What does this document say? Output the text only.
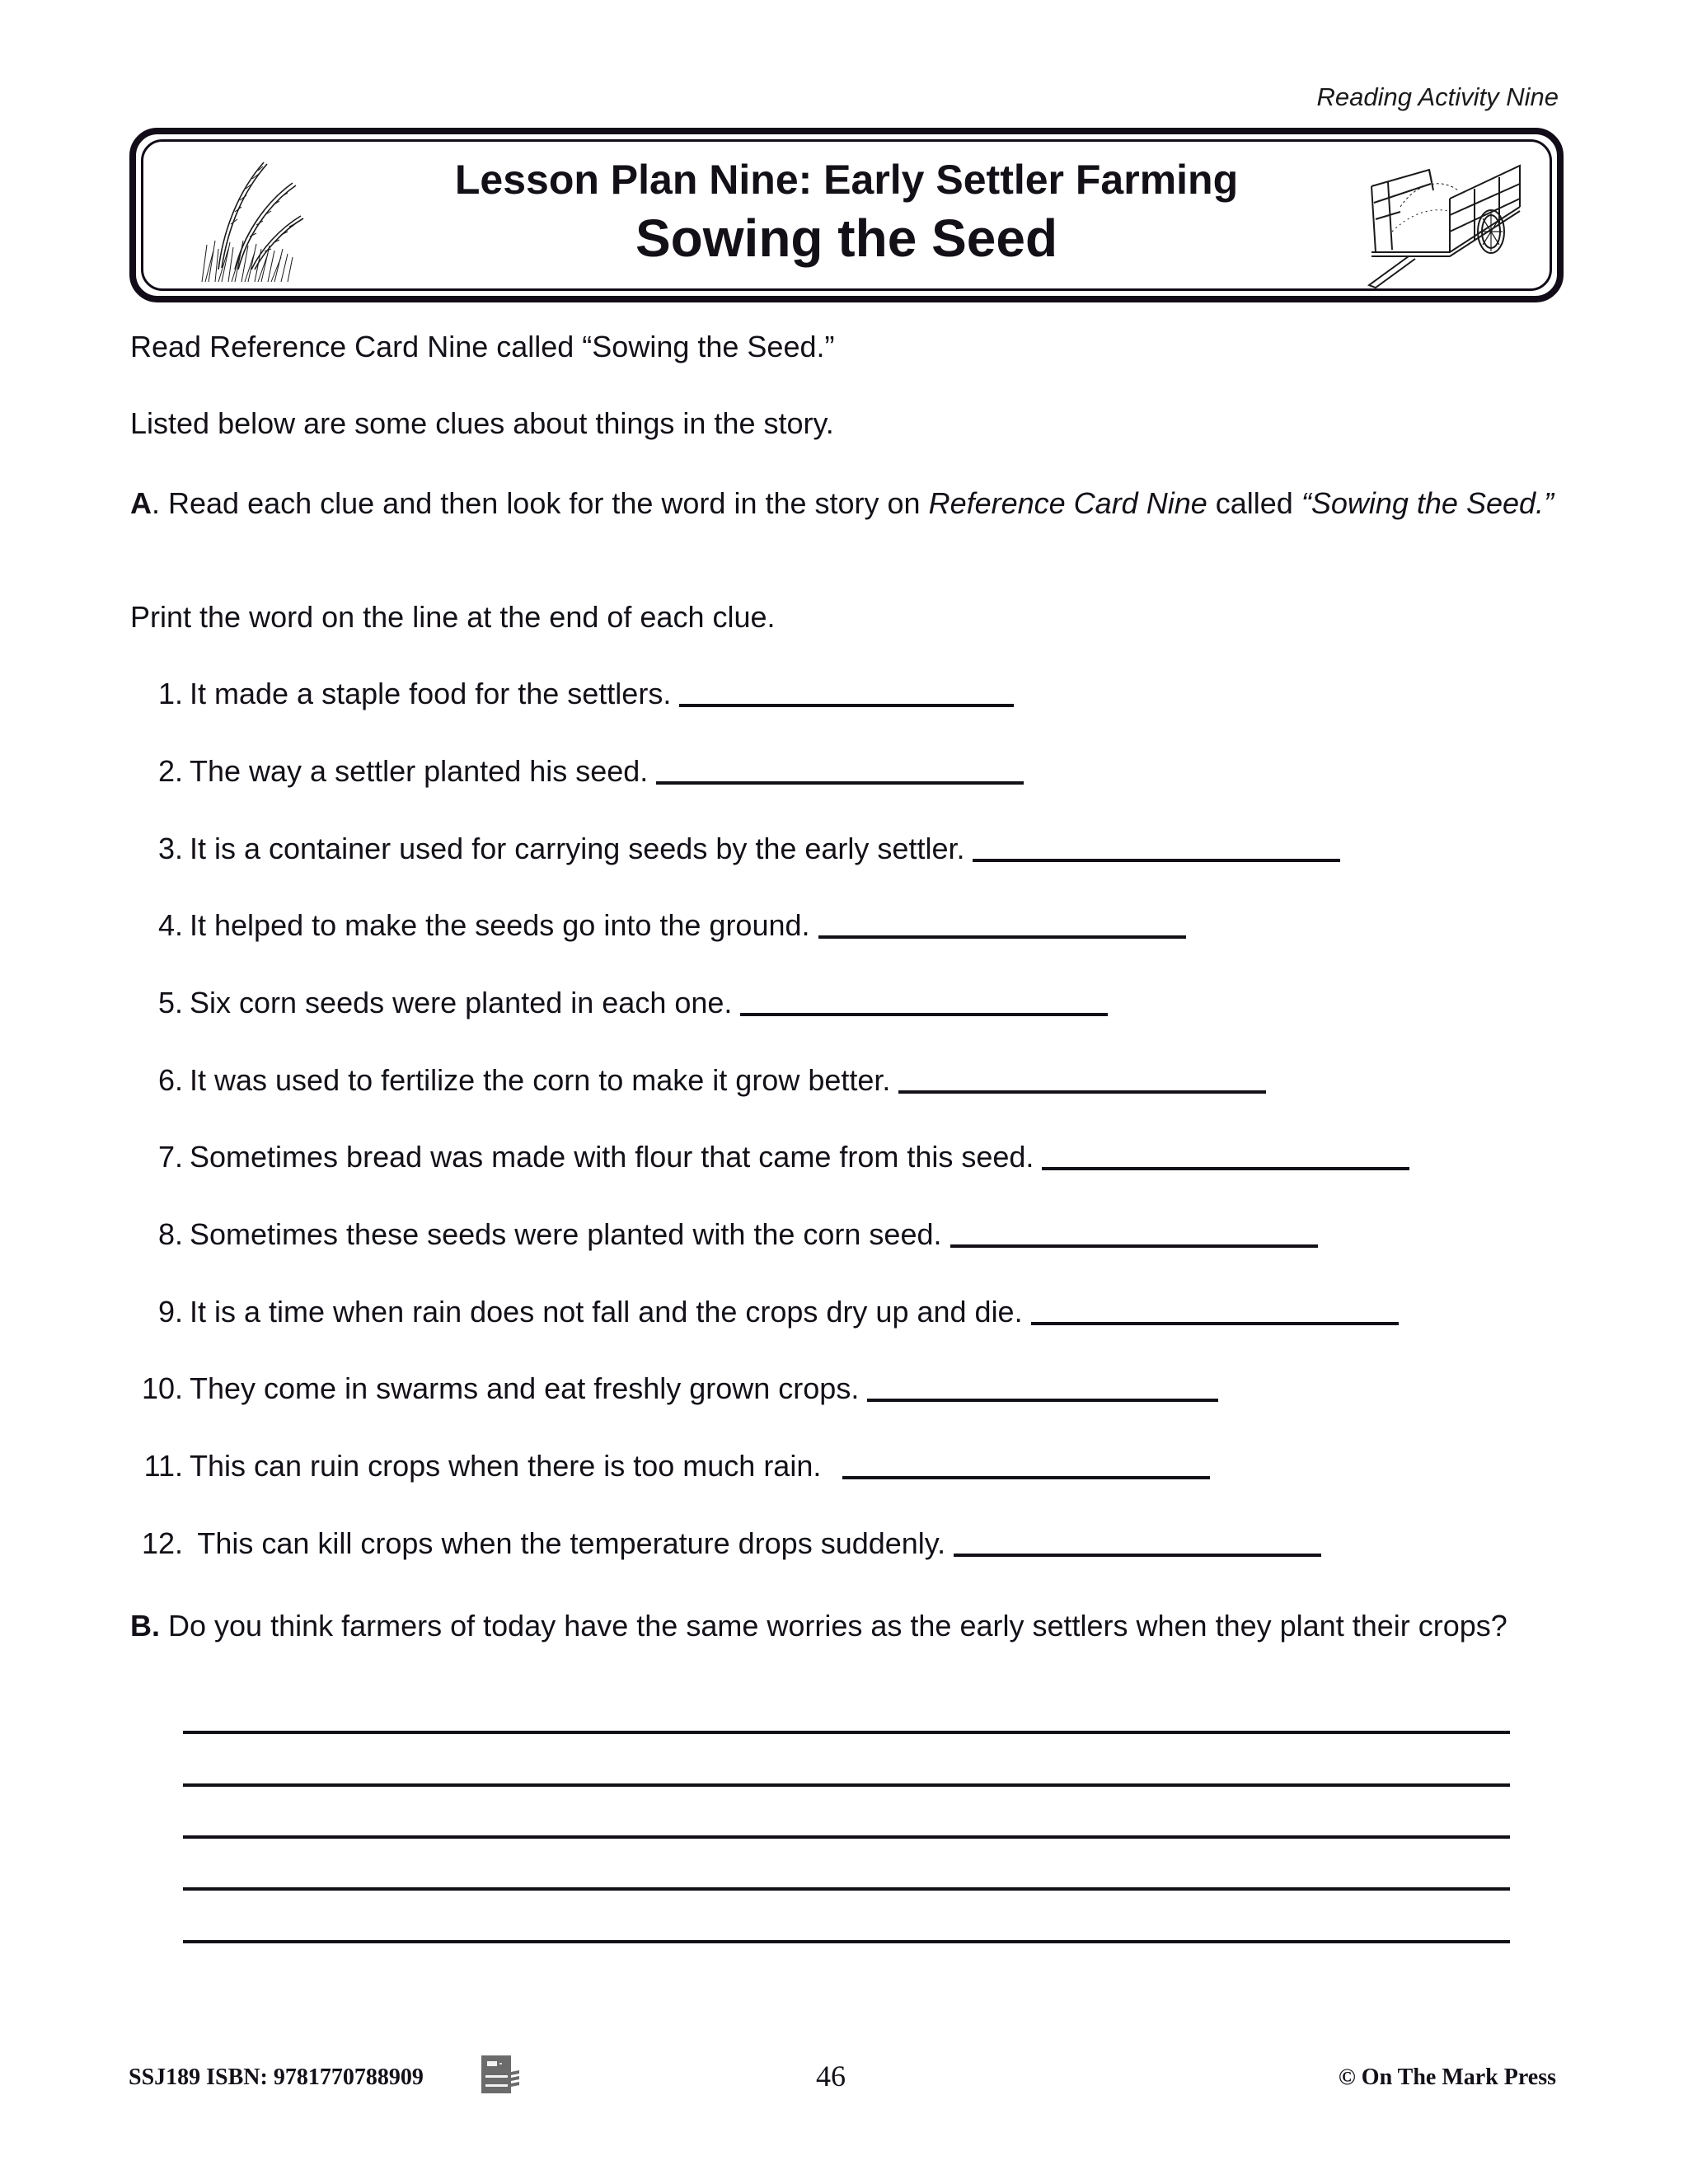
Reading Activity Nine
Lesson Plan Nine: Early Settler Farming
Sowing the Seed
Read Reference Card Nine called “Sowing the Seed.”
Listed below are some clues about things in the story.
A. Read each clue and then look for the word in the story on Reference Card Nine called “Sowing the Seed.”
Print the word on the line at the end of each clue.
1. It made a staple food for the settlers.
2. The way a settler planted his seed.
3. It is a container used for carrying seeds by the early settler.
4. It helped to make the seeds go into the ground.
5. Six corn seeds were planted in each one.
6. It was used to fertilize the corn to make it grow better.
7. Sometimes bread was made with flour that came from this seed.
8. Sometimes these seeds were planted with the corn seed.
9. It is a time when rain does not fall and the crops dry up and die.
10. They come in swarms and eat freshly grown crops.
11. This can ruin crops when there is too much rain.
12. This can kill crops when the temperature drops suddenly.
B. Do you think farmers of today have the same worries as the early settlers when they plant their crops?
SSJ189 ISBN: 9781770788909	46	© On The Mark Press
